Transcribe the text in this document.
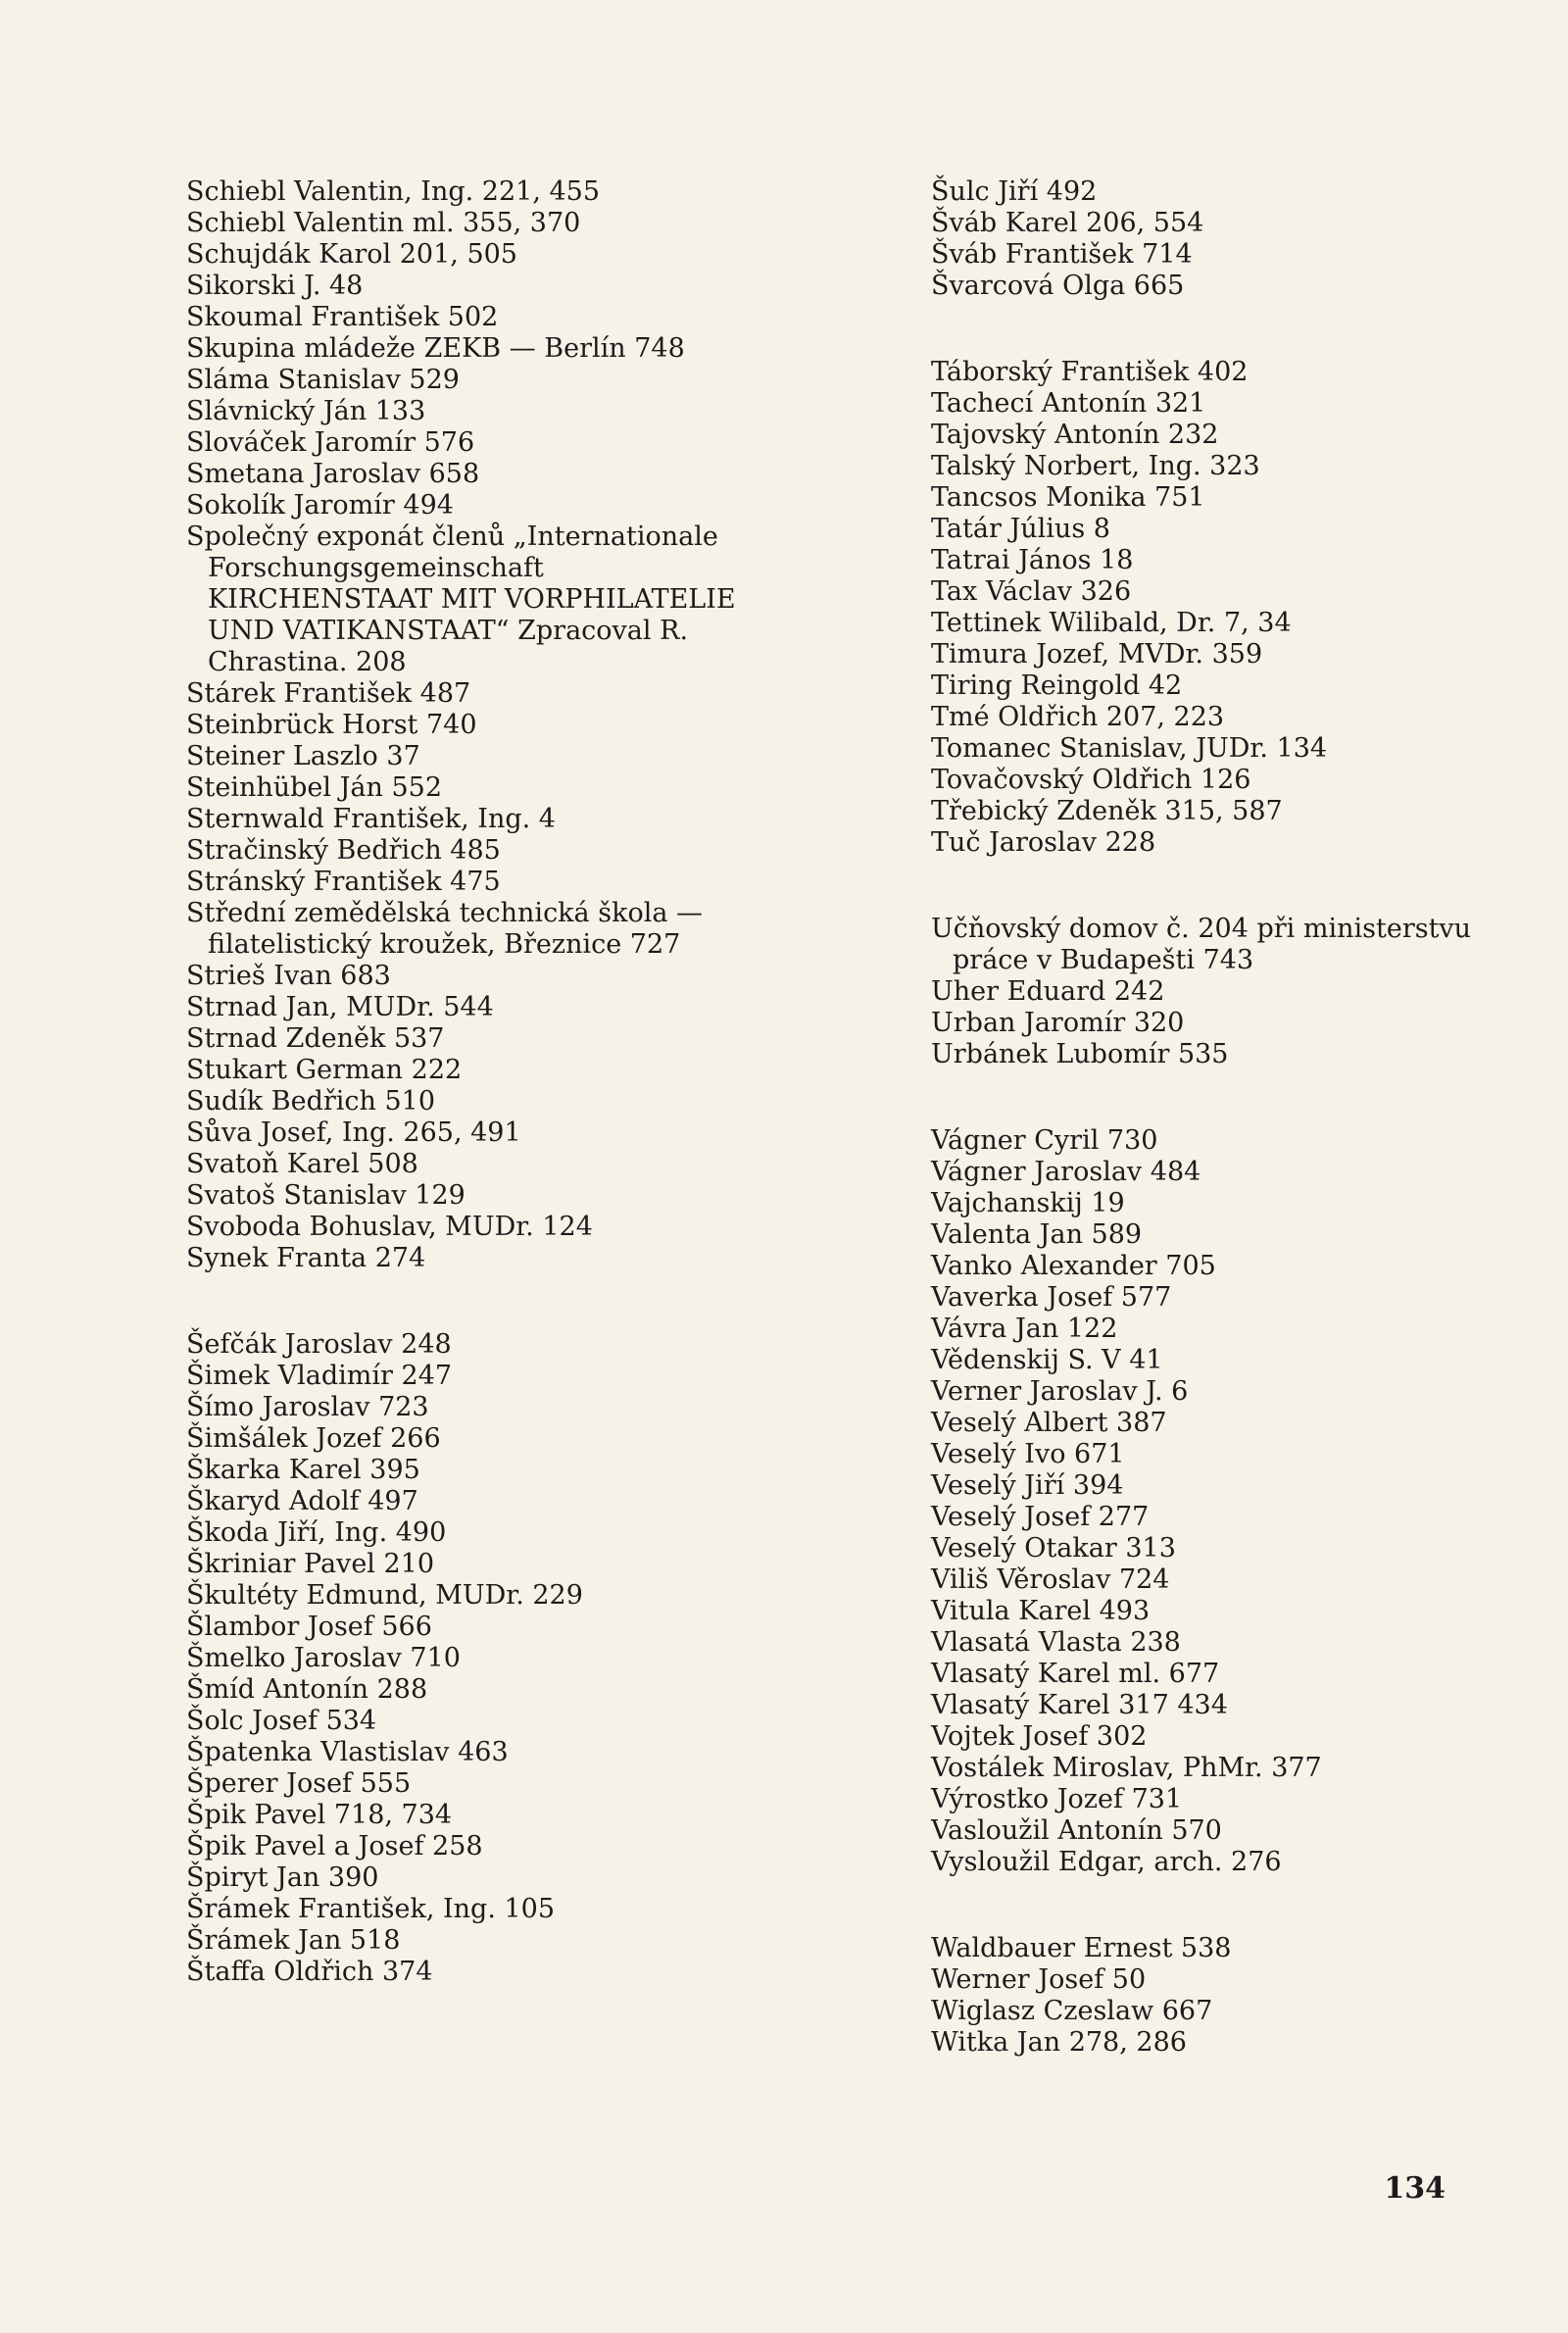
Schiebl Valentin, Ing. 221, 455
Schiebl Valentin ml. 355, 370
Schujdák Karol 201, 505
Sikorski J. 48
Skoumal František 502
Skupina mládeže ZEKB — Berlín 748
Sláma Stanislav 529
Slávnický Ján 133
Slováček Jaromír 576
Smetana Jaroslav 658
Sokolík Jaromír 494
Společný exponát členů „Internationale Forschungsgemeinschaft KIRCHENSTAAT MIT VORPHILATELIE UND VATIKANSTAAT“ Zpracoval R. Chrastina. 208
Stárek František 487
Steinbrück Horst 740
Steiner Laszlo 37
Steinhübel Ján 552
Sternwald František, Ing. 4
Stračinský Bedřich 485
Stránský František 475
Střední zemědělská technická škola — filatelistický kroužek, Březnice 727
Strieš Ivan 683
Strnad Jan, MUDr. 544
Strnad Zdeněk 537
Stukart German 222
Sudík Bedřich 510
Sůva Josef, Ing. 265, 491
Svatoň Karel 508
Svatoš Stanislav 129
Svoboda Bohuslav, MUDr. 124
Synek Franta 274
Šefčák Jaroslav 248
Šimek Vladimír 247
Šímo Jaroslav 723
Šimšálek Jozef 266
Škarka Karel 395
Škaryd Adolf 497
Škoda Jiří, Ing. 490
Škriniar Pavel 210
Škultéty Edmund, MUDr. 229
Šlambor Josef 566
Šmelko Jaroslav 710
Šmíd Antonín 288
Šolc Josef 534
Špatenka Vlastislav 463
Šperer Josef 555
Špik Pavel 718, 734
Špik Pavel a Josef 258
Špiryt Jan 390
Šrámek František, Ing. 105
Šrámek Jan 518
Štaffa Oldřich 374
Šulc Jiří 492
Šváb Karel 206, 554
Šváb František 714
Švarcová Olga 665
Táborský František 402
Tachecí Antonín 321
Tajovský Antonín 232
Talský Norbert, Ing. 323
Tancsos Monika 751
Tatár Július 8
Tatrai János 18
Tax Václav 326
Tettinek Wilibald, Dr. 7, 34
Timura Jozef, MVDr. 359
Tiring Reingold 42
Tmé Oldřich 207, 223
Tomanec Stanislav, JUDr. 134
Tovačovský Oldřich 126
Třebický Zdeněk 315, 587
Tuč Jaroslav 228
Učňovský domov č. 204 při ministerstvu práce v Budapešti 743
Uher Eduard 242
Urban Jaromír 320
Urbánek Lubomír 535
Vágner Cyril 730
Vágner Jaroslav 484
Vajchanskij 19
Valenta Jan 589
Vanko Alexander 705
Vaverka Josef 577
Vávra Jan 122
Vědenskij S. V 41
Verner Jaroslav J. 6
Veselý Albert 387
Veselý Ivo 671
Veselý Jiří 394
Veselý Josef 277
Veselý Otakar 313
Viliš Věroslav 724
Vitula Karel 493
Vlasatá Vlasta 238
Vlasatý Karel ml. 677
Vlasatý Karel 317 434
Vojtek Josef 302
Vostálek Miroslav, PhMr. 377
Výrostko Jozef 731
Vasloužil Antonín 570
Vysloužil Edgar, arch. 276
Waldbauer Ernest 538
Werner Josef 50
Wiglasz Czeslaw 667
Witka Jan 278, 286
134
